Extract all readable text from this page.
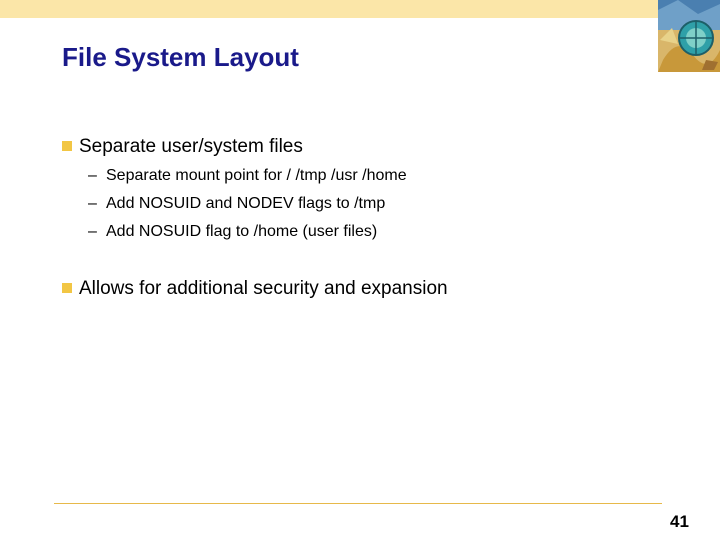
File System Layout
Separate user/system files
– Separate mount point for / /tmp /usr /home
– Add NOSUID and NODEV flags to /tmp
– Add NOSUID flag to /home (user files)
Allows for additional security and expansion
41
